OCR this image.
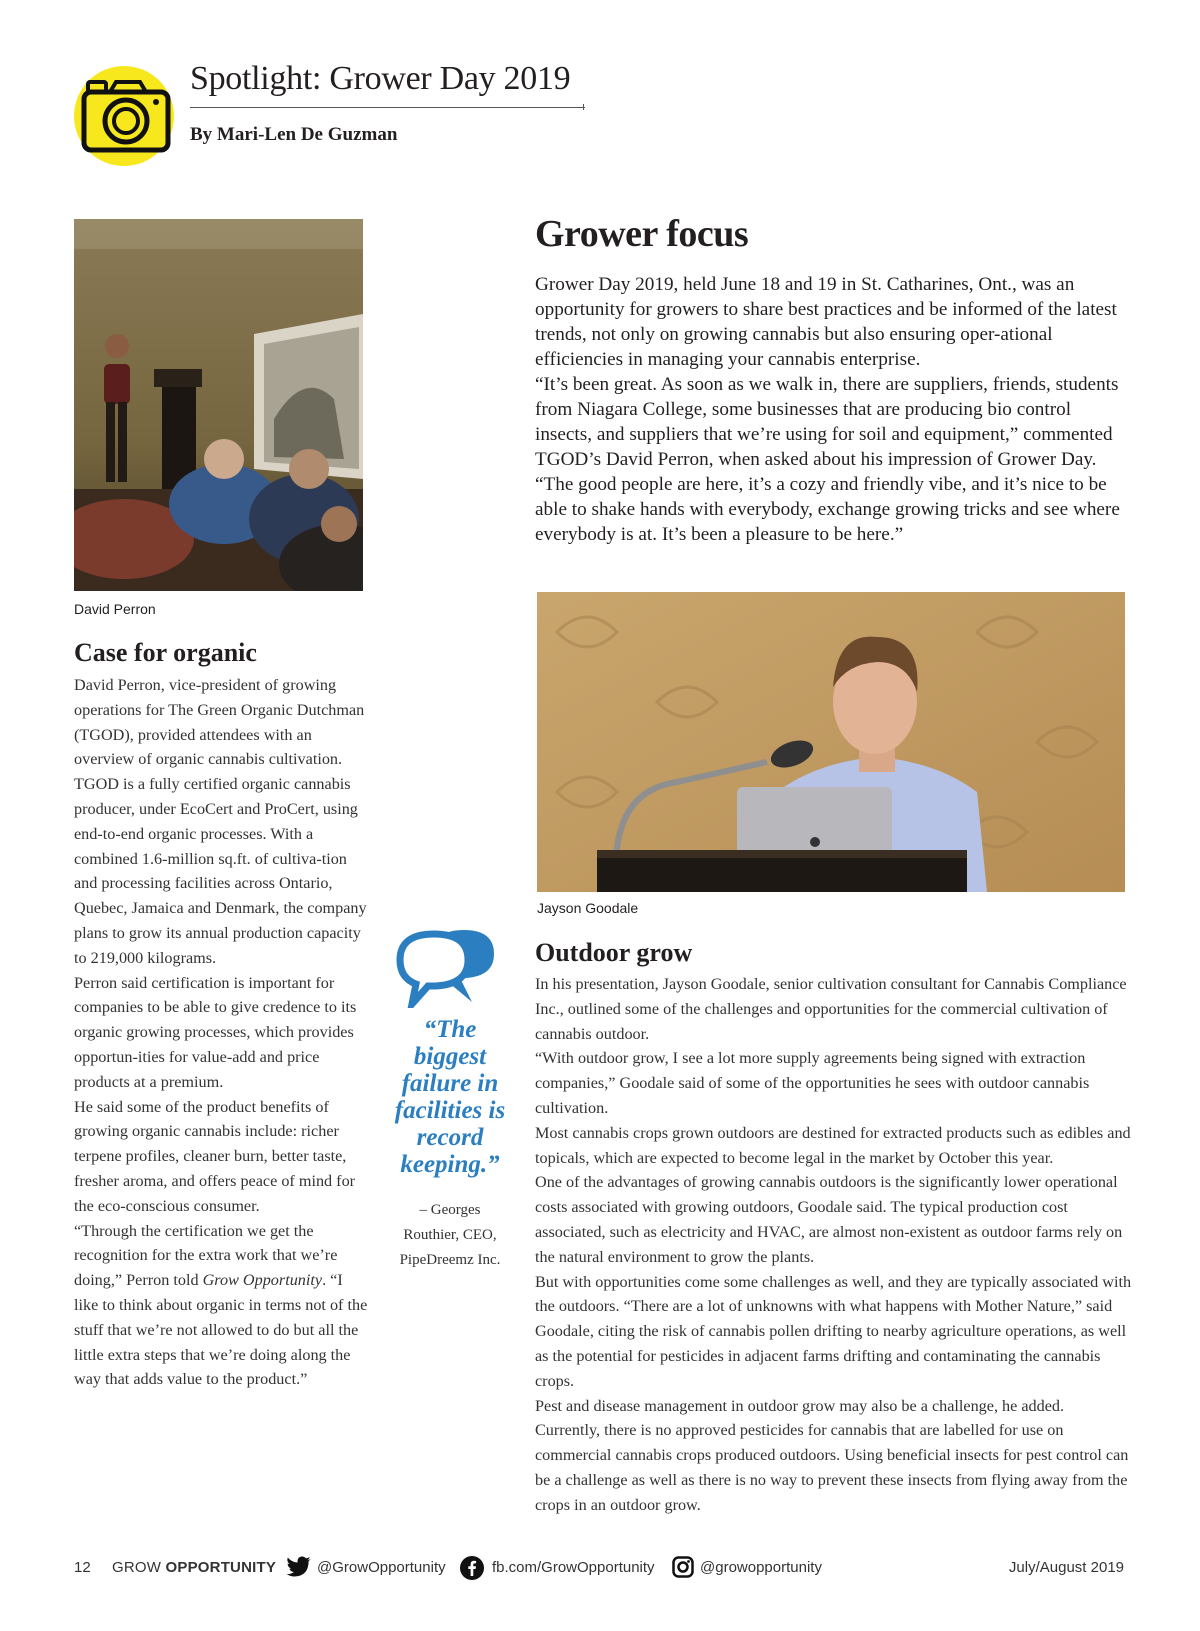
Spotlight: Grower Day 2019
By Mari-Len De Guzman
David Perron
Grower focus

Grower Day 2019, held June 18 and 19 in St. Catharines, Ont., was an opportunity for growers to share best practices and be informed of the latest trends, not only on growing cannabis but also ensuring oper-ational efficiencies in managing your cannabis enterprise.

“It’s been great. As soon as we walk in, there are suppliers, friends, students from Niagara College, some businesses that are producing bio control insects, and suppliers that we’re using for soil and equipment,” commented TGOD’s David Perron, when asked about his impression of Grower Day. “The good people are here, it’s a cozy and friendly vibe, and it’s nice to be able to shake hands with everybody, exchange growing tricks and see where everybody is at. It’s been a pleasure to be here.”

Case for organic

David Perron, vice-president of growing operations for The Green Organic Dutchman (TGOD), provided attendees with an overview of organic cannabis cultivation. TGOD is a fully certified organic cannabis producer, under EcoCert and ProCert, using end-to-end organic processes. With a combined 1.6-million sq.ft. of cultiva-tion and processing facilities across Ontario, Quebec, Jamaica and Denmark, the company plans to grow its annual production capacity to 219,000 kilograms.

Perron said certification is important for companies to be able to give credence to its organic growing processes, which provides opportun-ities for value-add and price products at a premium.

He said some of the product benefits of growing organic cannabis include: richer terpene profiles, cleaner burn, better taste, fresher aroma, and offers peace of mind for the eco-conscious consumer.

“Through the certification we get the recognition for the extra work that we’re doing,” Perron told Grow Opportunity. “I like to think about organic in terms not of the stuff that we’re not allowed to do but all the little extra steps that we’re doing along the way that adds value to the product.”

Jayson Goodale
“The biggest failure in facilities is record keeping.”
– Georges
Routhier, CEO,
PipeDreemz Inc.
Outdoor grow

In his presentation, Jayson Goodale, senior cultivation consultant for Cannabis Compliance Inc., outlined some of the challenges and opportunities for the commercial cultivation of cannabis outdoor.

“With outdoor grow, I see a lot more supply agreements being signed with extraction companies,” Goodale said of some of the opportunities he sees with outdoor cannabis cultivation.

Most cannabis crops grown outdoors are destined for extracted products such as edibles and topicals, which are expected to become legal in the market by October this year.

One of the advantages of growing cannabis outdoors is the significantly lower operational costs associated with growing outdoors, Goodale said. The typical production cost associated, such as electricity and HVAC, are almost non-existent as outdoor farms rely on the natural environment to grow the plants.

But with opportunities come some challenges as well, and they are typically associated with the outdoors. “There are a lot of unknowns with what happens with Mother Nature,” said Goodale, citing the risk of cannabis pollen drifting to nearby agriculture operations, as well as the potential for pesticides in adjacent farms drifting and contaminating the cannabis crops.

Pest and disease management in outdoor grow may also be a challenge, he added. Currently, there is no approved pesticides for cannabis that are labelled for use on commercial cannabis crops produced outdoors. Using beneficial insects for pest control can be a challenge as well as there is no way to prevent these insects from flying away from the crops in an outdoor grow.

12 GROW OPPORTUNITY	@GrowOpportunity	fb.com/GrowOpportunity	@growopportunity	July/August 2019
